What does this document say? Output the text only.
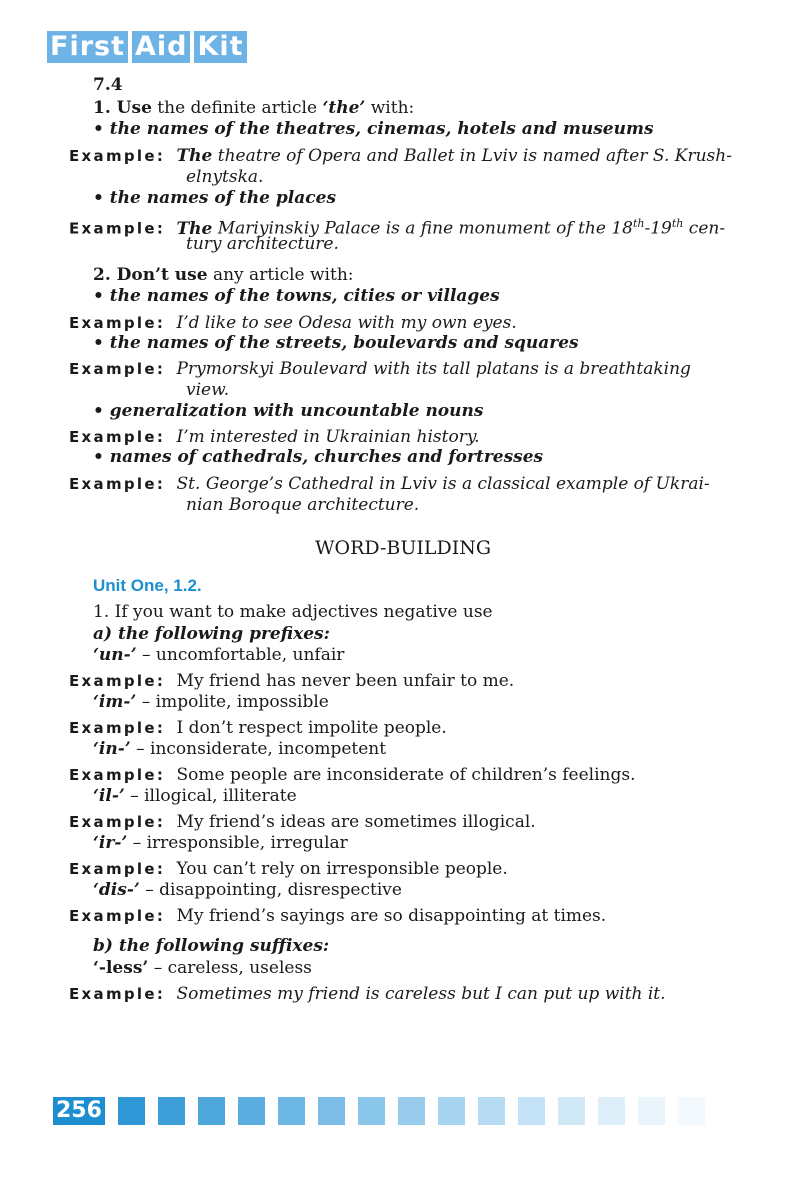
First Aid Kit
7.4
1. Use the definite article ‘the’ with:
• the names of the theatres, cinemas, hotels and museums
Example: The theatre of Opera and Ballet in Lviv is named after S. Krush-
elnytska.
• the names of the places
Example: The Mariyinskiy Palace is a fine monument of the 18th-19th cen-
tury architecture.
2. Don’t use any article with:
• the names of the towns, cities or villages
Example: I’d like to see Odesa with my own eyes.
• the names of the streets, boulevards and squares
Example: Prymorskyi Boulevard with its tall platans is a breathtaking
view.
• generalization with uncountable nouns
Example: I’m interested in Ukrainian history.
• names of cathedrals, churches and fortresses
Example: St. George’s Cathedral in Lviv is a classical example of Ukrai-
nian Boroque architecture.
WORD-BUILDING
Unit One, 1.2.
1. If you want to make adjectives negative use
a) the following prefixes:
‘un-’ – uncomfortable, unfair
Example: My friend has never been unfair to me.
‘im-’ – impolite, impossible
Example: I don’t respect impolite people.
‘in-’ – inconsiderate, incompetent
Example: Some people are inconsiderate of children’s feelings.
‘il-’ – illogical, illiterate
Example: My friend’s ideas are sometimes illogical.
‘ir-’ – irresponsible, irregular
Example: You can’t rely on irresponsible people.
‘dis-’ – disappointing, disrespective
Example: My friend’s sayings are so disappointing at times.
b) the following suffixes:
‘-less’ – careless, useless
Example: Sometimes my friend is careless but I can put up with it.
256
